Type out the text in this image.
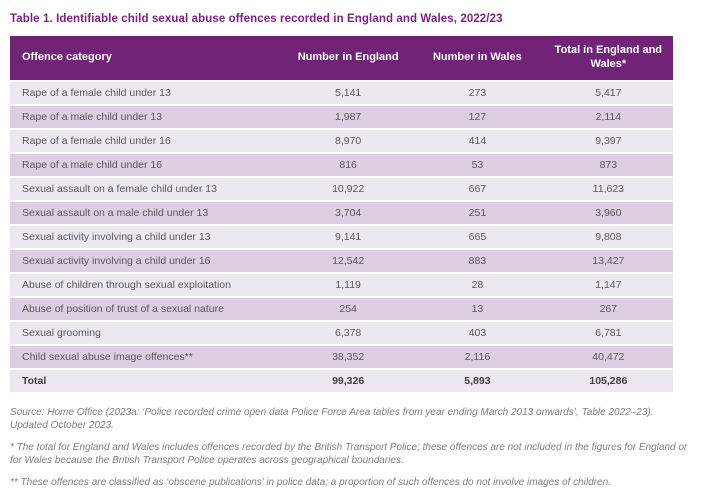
Table 1. Identifiable child sexual abuse offences recorded in England and Wales, 2022/23
Offence category	Number in England	Number in Wales	Total in England and Wales*
Rape of a female child under 13	5,141	273	5,417
Rape of a male child under 13	1,987	127	2,114
Rape of a female child under 16	8,970	414	9,397
Rape of a male child under 16	816	53	873
Sexual assault on a female child under 13	10,922	667	11,623
Sexual assault on a male child under 13	3,704	251	3,960
Sexual activity involving a child under 13	9,141	665	9,808
Sexual activity involving a child under 16	12,542	883	13,427
Abuse of children through sexual exploitation	1,119	28	1,147
Abuse of position of trust of a sexual nature	254	13	267
Sexual grooming	6,378	403	6,781
Child sexual abuse image offences**	38,352	2,116	40,472
Total	99,326	5,893	105,286

Source: Home Office (2023a: ‘Police recorded crime open data Police Force Area tables from year ending March 2013 onwards’, Table 2022–23). Updated October 2023.

* The total for England and Wales includes offences recorded by the British Transport Police; these offences are not included in the figures for England or for Wales because the British Transport Police operates across geographical boundaries.

** These offences are classified as ‘obscene publications’ in police data; a proportion of such offences do not involve images of children.
